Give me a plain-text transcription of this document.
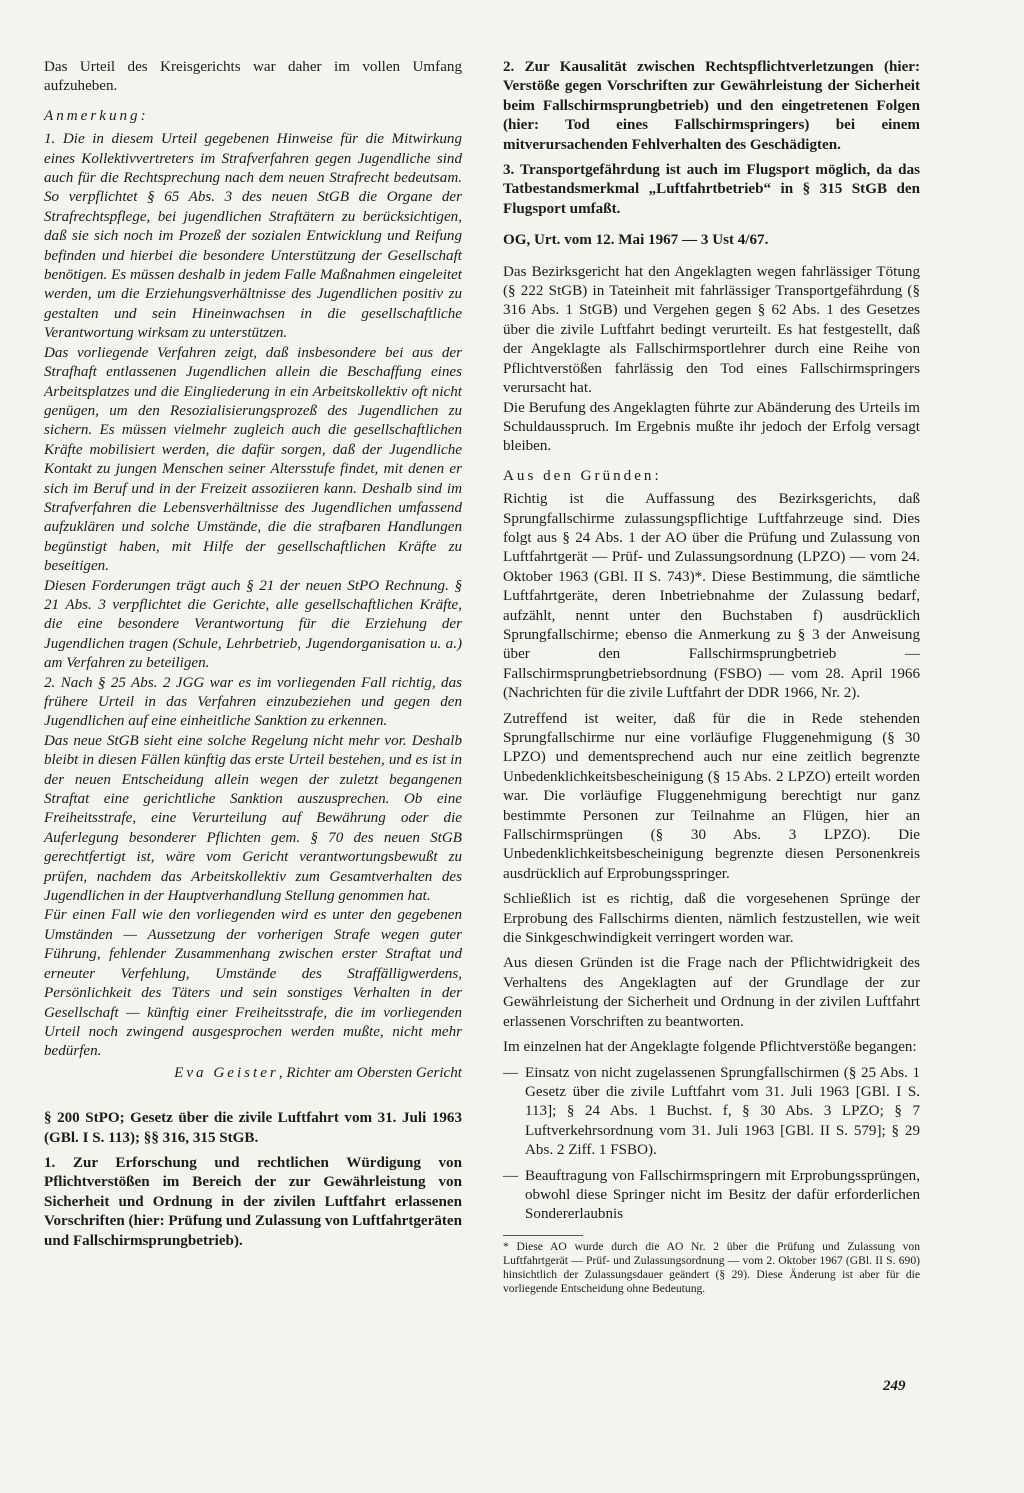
Das Urteil des Kreisgerichts war daher im vollen Umfang aufzuheben.

Anmerkung:

1. Die in diesem Urteil gegebenen Hinweise für die Mitwirkung eines Kollektivvertreters im Strafverfahren gegen Jugendliche sind auch für die Rechtsprechung nach dem neuen Strafrecht bedeutsam. So verpflichtet § 65 Abs. 3 des neuen StGB die Organe der Strafrechtspflege, bei jugendlichen Straftätern zu berücksichtigen, daß sie sich noch im Prozeß der sozialen Entwicklung und Reifung befinden und hierbei die besondere Unterstützung der Gesellschaft benötigen. Es müssen deshalb in jedem Falle Maßnahmen eingeleitet werden, um die Erziehungsverhältnisse des Jugendlichen positiv zu gestalten und sein Hineinwachsen in die gesellschaftliche Verantwortung wirksam zu unterstützen.

Das vorliegende Verfahren zeigt, daß insbesondere bei aus der Strafhaft entlassenen Jugendlichen allein die Beschaffung eines Arbeitsplatzes und die Eingliederung in ein Arbeitskollektiv oft nicht genügen, um den Resozialisierungsprozeß des Jugendlichen zu sichern. Es müssen vielmehr zugleich auch die gesellschaftlichen Kräfte mobilisiert werden, die dafür sorgen, daß der Jugendliche Kontakt zu jungen Menschen seiner Altersstufe findet, mit denen er sich im Beruf und in der Freizeit assoziieren kann. Deshalb sind im Strafverfahren die Lebensverhältnisse des Jugendlichen umfassend aufzuklären und solche Umstände, die die strafbaren Handlungen begünstigt haben, mit Hilfe der gesellschaftlichen Kräfte zu beseitigen.

Diesen Forderungen trägt auch § 21 der neuen StPO Rechnung. § 21 Abs. 3 verpflichtet die Gerichte, alle gesellschaftlichen Kräfte, die eine besondere Verantwortung für die Erziehung der Jugendlichen tragen (Schule, Lehrbetrieb, Jugendorganisation u. a.) am Verfahren zu beteiligen.

2. Nach § 25 Abs. 2 JGG war es im vorliegenden Fall richtig, das frühere Urteil in das Verfahren einzubeziehen und gegen den Jugendlichen auf eine einheitliche Sanktion zu erkennen.

Das neue StGB sieht eine solche Regelung nicht mehr vor. Deshalb bleibt in diesen Fällen künftig das erste Urteil bestehen, und es ist in der neuen Entscheidung allein wegen der zuletzt begangenen Straftat eine gerichtliche Sanktion auszusprechen. Ob eine Freiheitsstrafe, eine Verurteilung auf Bewährung oder die Auferlegung besonderer Pflichten gem. § 70 des neuen StGB gerechtfertigt ist, wäre vom Gericht verantwortungsbewußt zu prüfen, nachdem das Arbeitskollektiv zum Gesamtverhalten des Jugendlichen in der Hauptverhandlung Stellung genommen hat.

Für einen Fall wie den vorliegenden wird es unter den gegebenen Umständen — Aussetzung der vorherigen Strafe wegen guter Führung, fehlender Zusammenhang zwischen erster Straftat und erneuter Verfehlung, Umstände des Straffälligwerdens, Persönlichkeit des Täters und sein sonstiges Verhalten in der Gesellschaft — künftig einer Freiheitsstrafe, die im vorliegenden Urteil noch zwingend ausgesprochen werden mußte, nicht mehr bedürfen.

Eva Geister, Richter am Obersten Gericht

§ 200 StPO; Gesetz über die zivile Luftfahrt vom 31. Juli 1963 (GBl. I S. 113); §§ 316, 315 StGB.

1. Zur Erforschung und rechtlichen Würdigung von Pflichtverstößen im Bereich der zur Gewährleistung von Sicherheit und Ordnung in der zivilen Luftfahrt erlassenen Vorschriften (hier: Prüfung und Zulassung von Luftfahrtgeräten und Fallschirmsprungbetrieb).

2. Zur Kausalität zwischen Rechtspflichtverletzungen (hier: Verstöße gegen Vorschriften zur Gewährleistung der Sicherheit beim Fallschirmsprungbetrieb) und den eingetretenen Folgen (hier: Tod eines Fallschirmspringers) bei einem mitverursachenden Fehlverhalten des Geschädigten.

3. Transportgefährdung ist auch im Flugsport möglich, da das Tatbestandsmerkmal „Luftfahrtbetrieb“ in § 315 StGB den Flugsport umfaßt.

OG, Urt. vom 12. Mai 1967 — 3 Ust 4/67.

Das Bezirksgericht hat den Angeklagten wegen fahrlässiger Tötung (§ 222 StGB) in Tateinheit mit fahrlässiger Transportgefährdung (§ 316 Abs. 1 StGB) und Vergehen gegen § 62 Abs. 1 des Gesetzes über die zivile Luftfahrt bedingt verurteilt. Es hat festgestellt, daß der Angeklagte als Fallschirmsportlehrer durch eine Reihe von Pflichtverstößen fahrlässig den Tod eines Fallschirmspringers verursacht hat.

Die Berufung des Angeklagten führte zur Abänderung des Urteils im Schuldausspruch. Im Ergebnis mußte ihr jedoch der Erfolg versagt bleiben.

Aus den Gründen:

Richtig ist die Auffassung des Bezirksgerichts, daß Sprungfallschirme zulassungspflichtige Luftfahrzeuge sind. Dies folgt aus § 24 Abs. 1 der AO über die Prüfung und Zulassung von Luftfahrtgerät — Prüf- und Zulassungsordnung (LPZO) — vom 24. Oktober 1963 (GBl. II S. 743)*. Diese Bestimmung, die sämtliche Luftfahrtgeräte, deren Inbetriebnahme der Zulassung bedarf, aufzählt, nennt unter den Buchstaben f) ausdrücklich Sprungfallschirme; ebenso die Anmerkung zu § 3 der Anweisung über den Fallschirmsprungbetrieb — Fallschirmsprungbetriebsordnung (FSBO) — vom 28. April 1966 (Nachrichten für die zivile Luftfahrt der DDR 1966, Nr. 2).

Zutreffend ist weiter, daß für die in Rede stehenden Sprungfallschirme nur eine vorläufige Fluggenehmigung (§ 30 LPZO) und dementsprechend auch nur eine zeitlich begrenzte Unbedenklichkeitsbescheinigung (§ 15 Abs. 2 LPZO) erteilt worden war. Die vorläufige Fluggenehmigung berechtigt nur ganz bestimmte Personen zur Teilnahme an Flügen, hier an Fallschirmsprüngen (§ 30 Abs. 3 LPZO). Die Unbedenklichkeitsbescheinigung begrenzte diesen Personenkreis ausdrücklich auf Erprobungsspringer.

Schließlich ist es richtig, daß die vorgesehenen Sprünge der Erprobung des Fallschirms dienten, nämlich festzustellen, wie weit die Sinkgeschwindigkeit verringert worden war.

Aus diesen Gründen ist die Frage nach der Pflichtwidrigkeit des Verhaltens des Angeklagten auf der Grundlage der zur Gewährleistung der Sicherheit und Ordnung in der zivilen Luftfahrt erlassenen Vorschriften zu beantworten.

Im einzelnen hat der Angeklagte folgende Pflichtverstöße begangen:

— Einsatz von nicht zugelassenen Sprungfallschirmen (§ 25 Abs. 1 Gesetz über die zivile Luftfahrt vom 31. Juli 1963 [GBl. I S. 113]; § 24 Abs. 1 Buchst. f, § 30 Abs. 3 LPZO; § 7 Luftverkehrsordnung vom 31. Juli 1963 [GBl. II S. 579]; § 29 Abs. 2 Ziff. 1 FSBO).
— Beauftragung von Fallschirmspringern mit Erprobungssprüngen, obwohl diese Springer nicht im Besitz der dafür erforderlichen Sondererlaubnis

* Diese AO wurde durch die AO Nr. 2 über die Prüfung und Zulassung von Luftfahrtgerät — Prüf- und Zulassungsordnung — vom 2. Oktober 1967 (GBl. II S. 690) hinsichtlich der Zulassungsdauer geändert (§ 29). Diese Änderung ist aber für die vorliegende Entscheidung ohne Bedeutung.

249
